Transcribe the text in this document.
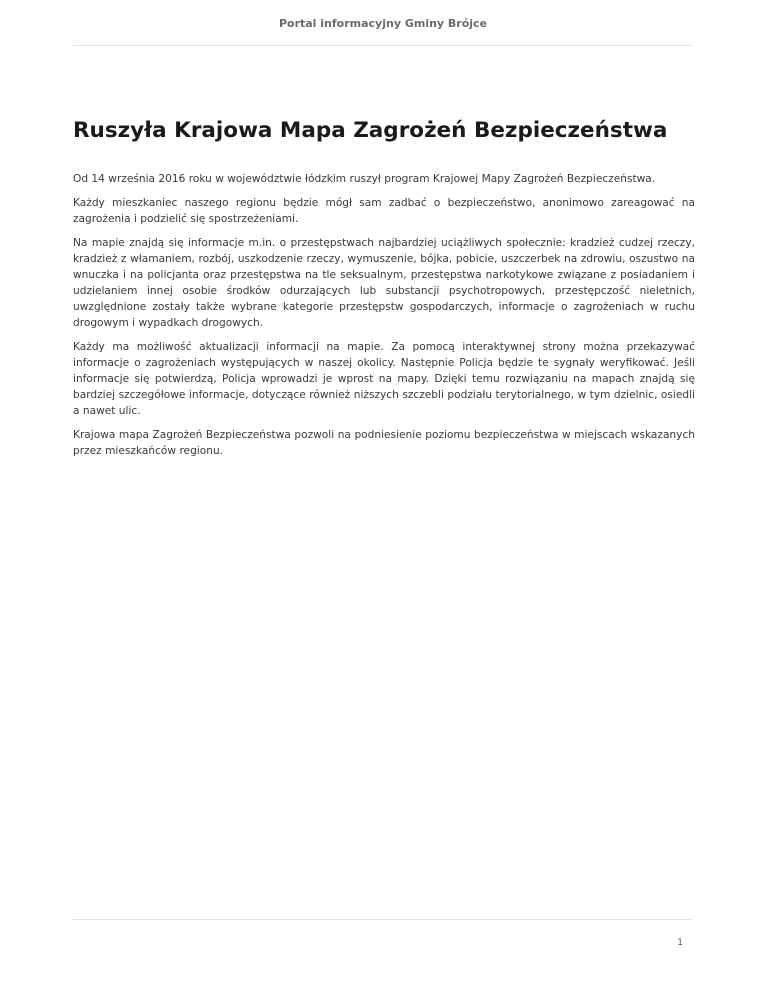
Portal informacyjny Gminy Brójce
Ruszyła Krajowa Mapa Zagrożeń Bezpieczeństwa

Od 14 września 2016 roku w województwie łódzkim ruszył program Krajowej Mapy Zagrożeń Bezpieczeństwa.

Każdy mieszkaniec naszego regionu będzie mógł sam zadbać o bezpieczeństwo, anonimowo zareagować na zagrożenia i podzielić się spostrzeżeniami.

Na mapie znajdą się informacje m.in. o przestępstwach najbardziej uciążliwych społecznie: kradzież cudzej rzeczy, kradzież z włamaniem, rozbój, uszkodzenie rzeczy, wymuszenie, bójka, pobicie, uszczerbek na zdrowiu, oszustwo na wnuczka i na policjanta oraz przestępstwa na tle seksualnym, przestępstwa narkotykowe związane z posiadaniem i udzielaniem innej osobie środków odurzających lub substancji psychotropowych, przestępczość nieletnich, uwzględnione zostały także wybrane kategorie przestępstw gospodarczych, informacje o zagrożeniach w ruchu drogowym i wypadkach drogowych.

Każdy ma możliwość aktualizacji informacji na mapie. Za pomocą interaktywnej strony można przekazywać informacje o zagrożeniach występujących w naszej okolicy. Następnie Policja będzie te sygnały weryfikować. Jeśli informacje się potwierdzą, Policja wprowadzi je wprost na mapy. Dzięki temu rozwiązaniu na mapach znajdą się bardziej szczegółowe informacje, dotyczące również niższych szczebli podziału terytorialnego, w tym dzielnic, osiedli a nawet ulic.

Krajowa mapa Zagrożeń Bezpieczeństwa pozwoli na podniesienie poziomu bezpieczeństwa w miejscach wskazanych przez mieszkańców regionu.

1
